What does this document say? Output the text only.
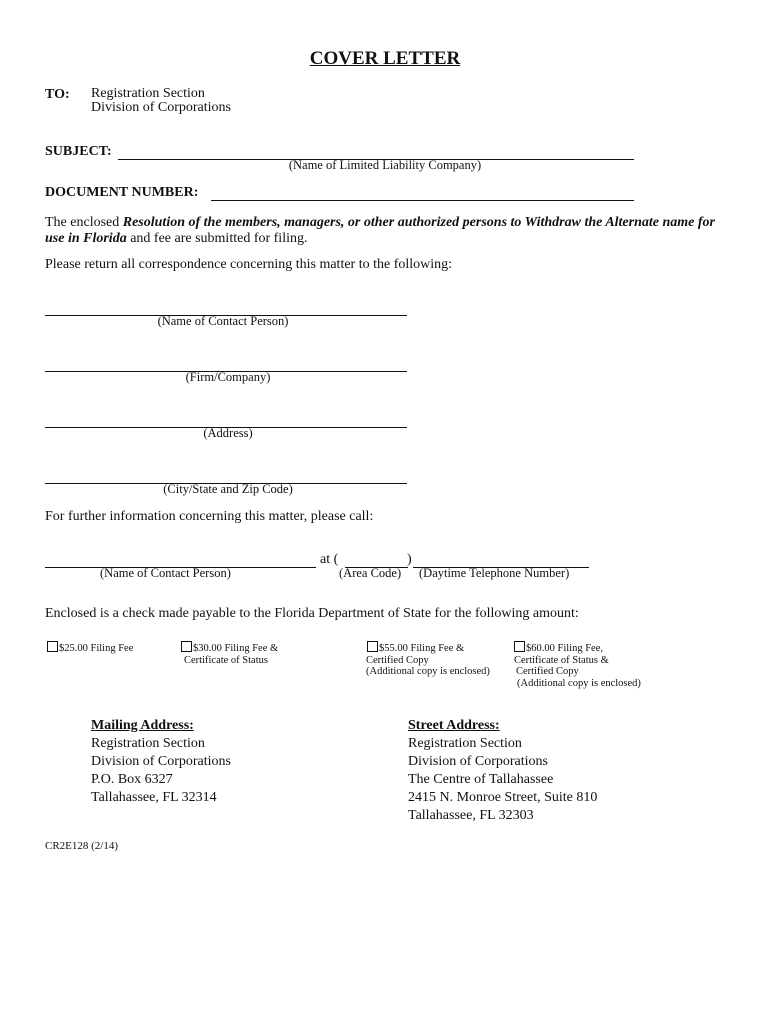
COVER LETTER
TO: Registration Section
Division of Corporations
SUBJECT:
(Name of Limited Liability Company)
DOCUMENT NUMBER:
The enclosed Resolution of the members, managers, or other authorized persons to Withdraw the Alternate name for use in Florida and fee are submitted for filing.
Please return all correspondence concerning this matter to the following:
(Name of Contact Person)
(Firm/Company)
(Address)
(City/State and Zip Code)
For further information concerning this matter, please call:
at (	)
(Name of Contact Person)	(Area Code) (Daytime Telephone Number)
Enclosed is a check made payable to the Florida Department of State for the following amount:
$25.00 Filing Fee	$30.00 Filing Fee &
Certificate of Status
$55.00 Filing Fee &
Certified Copy
(Additional copy is enclosed)
$60.00 Filing Fee,
Certificate of Status &
Certified Copy
(Additional copy is enclosed)
Mailing Address:
Registration Section
Division of Corporations
P.O. Box 6327
Tallahassee, FL 32314
Street Address:
Registration Section
Division of Corporations
The Centre of Tallahassee
2415 N. Monroe Street, Suite 810
Tallahassee, FL 32303
CR2E128 (2/14)
